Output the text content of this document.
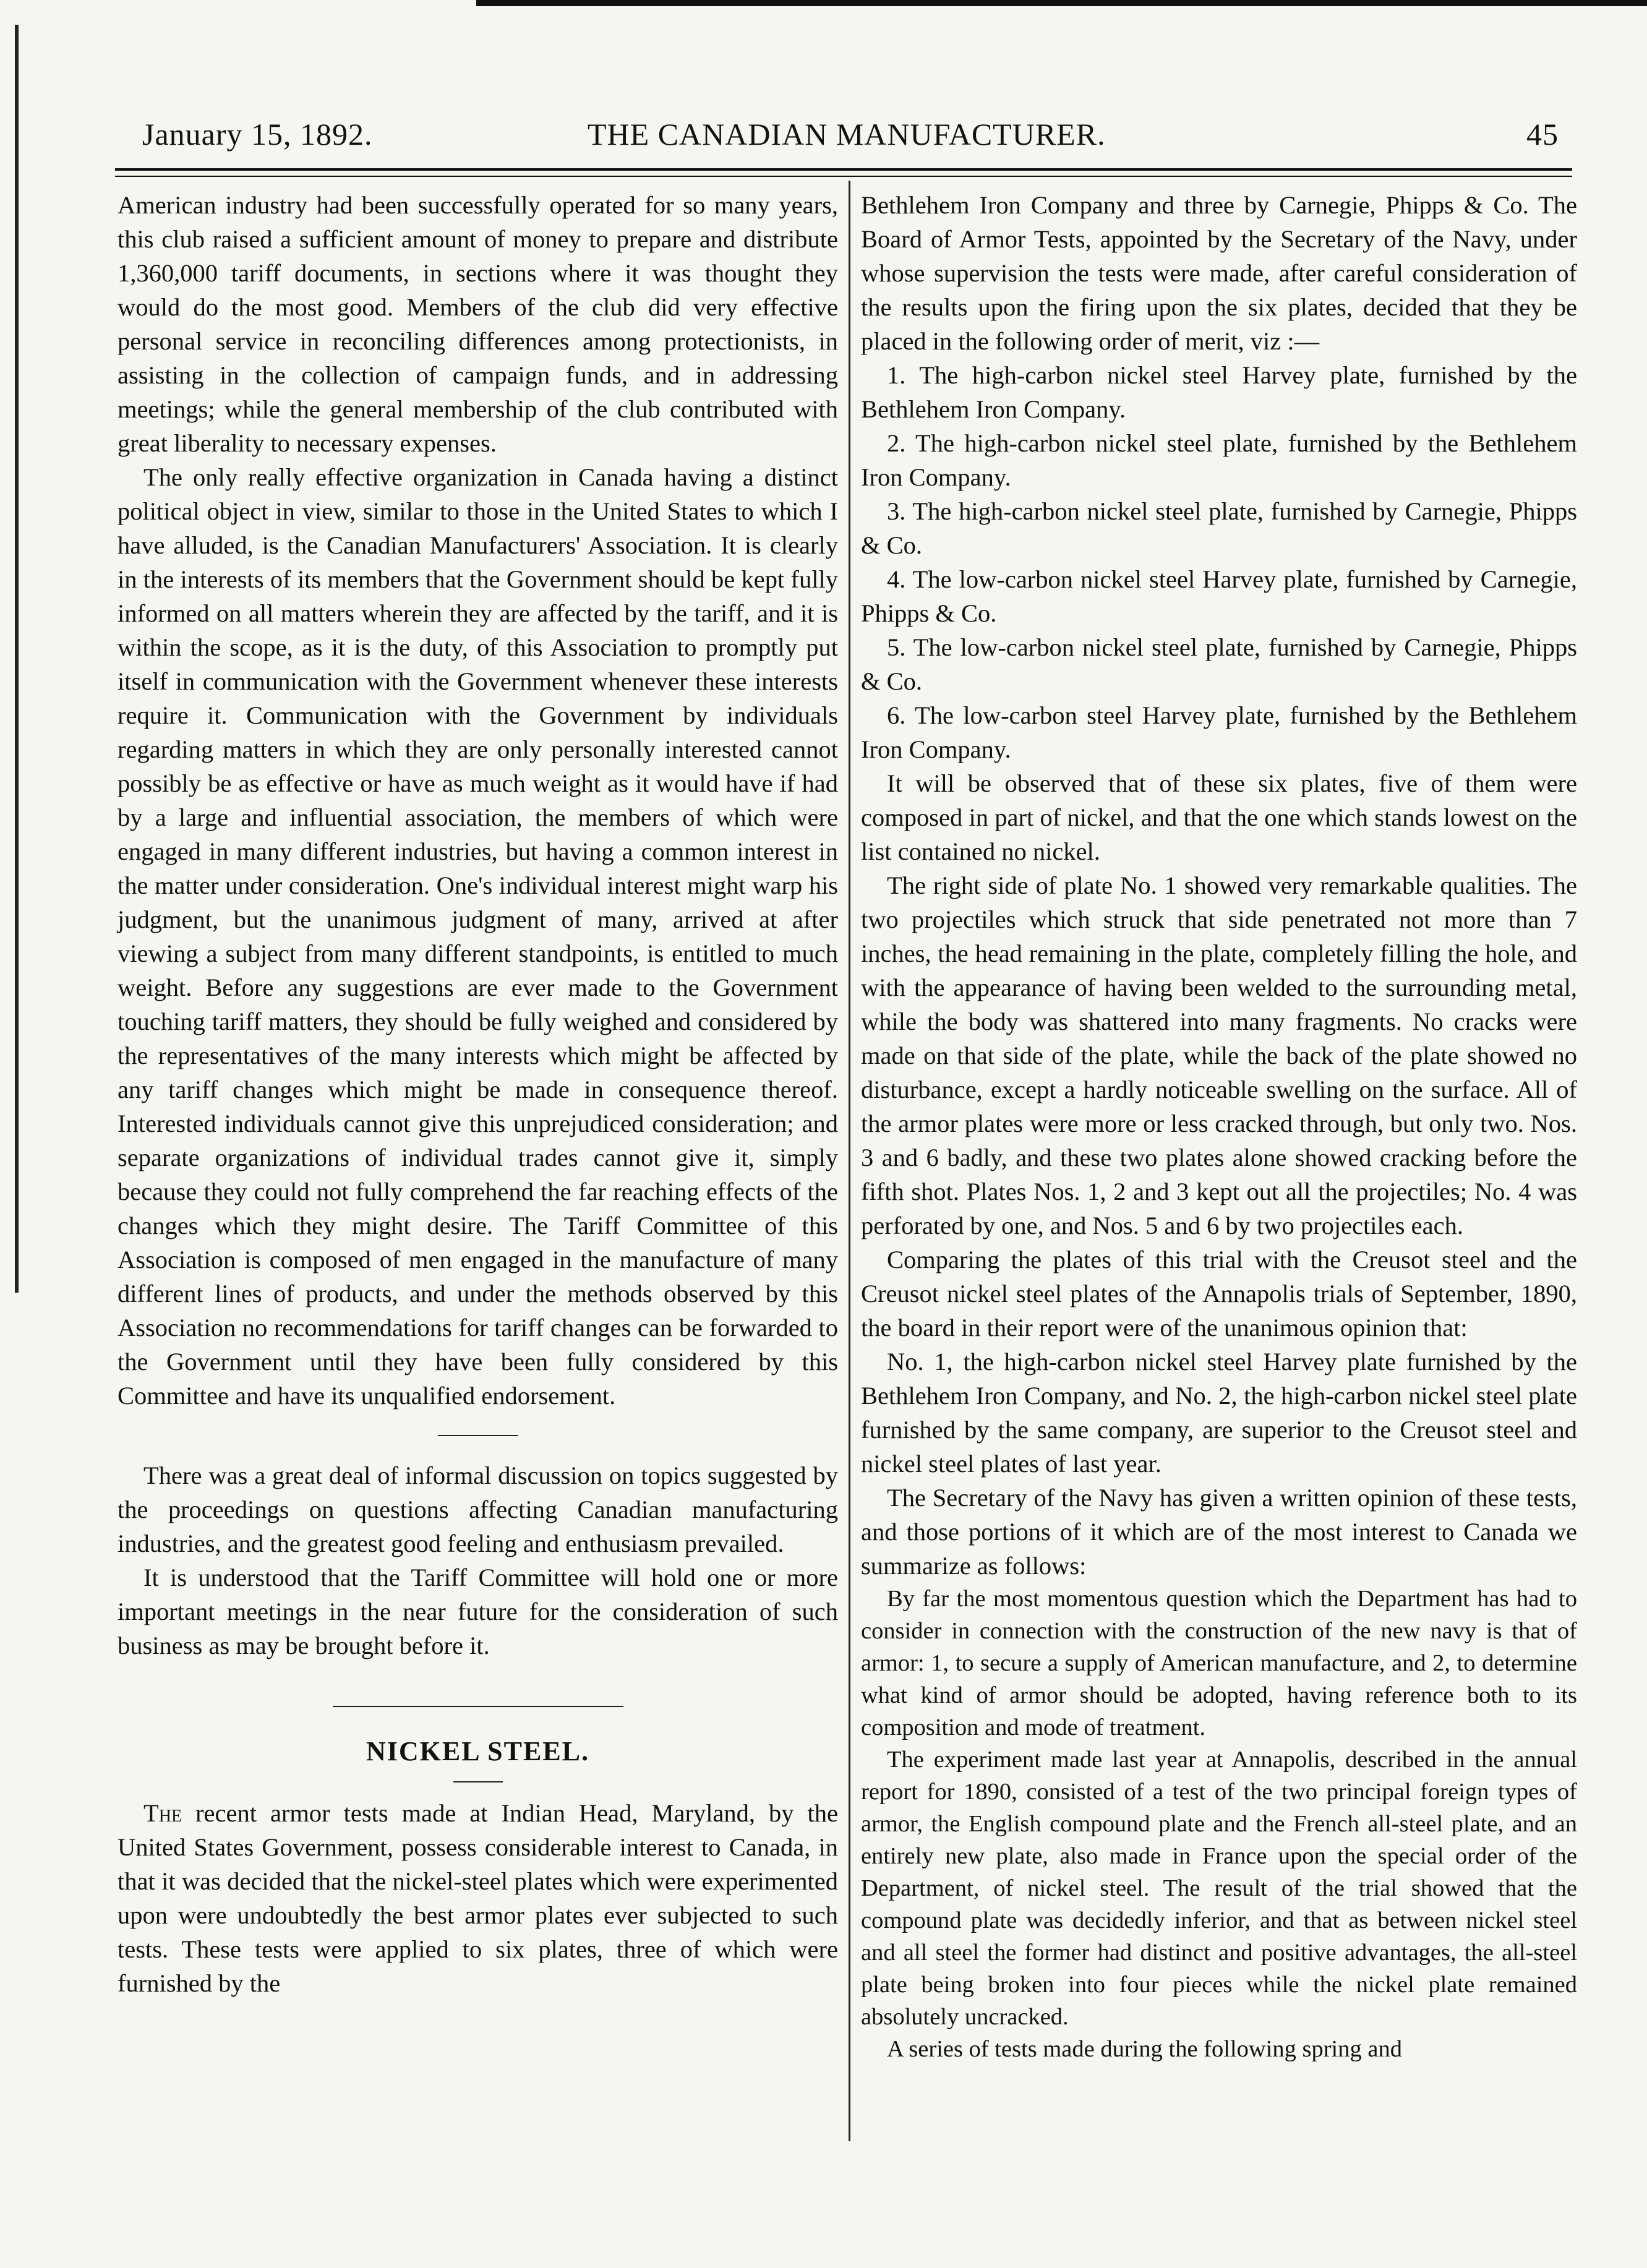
January 15, 1892.	THE CANADIAN MANUFACTURER.	45

American industry had been successfully operated for so many years, this club raised a sufficient amount of money to prepare and distribute 1,360,000 tariff documents, in sections where it was thought they would do the most good. Members of the club did very effective personal service in reconciling differences among protectionists, in assisting in the collection of campaign funds, and in addressing meetings; while the general membership of the club contributed with great liberality to necessary expenses.

The only really effective organization in Canada having a distinct political object in view, similar to those in the United States to which I have alluded, is the Canadian Manufacturers' Association. It is clearly in the interests of its members that the Government should be kept fully informed on all matters wherein they are affected by the tariff, and it is within the scope, as it is the duty, of this Association to promptly put itself in communication with the Government whenever these interests require it. Communication with the Government by individuals regarding matters in which they are only personally interested cannot possibly be as effective or have as much weight as it would have if had by a large and influential association, the members of which were engaged in many different industries, but having a common interest in the matter under consideration. One's individual interest might warp his judgment, but the unanimous judgment of many, arrived at after viewing a subject from many different standpoints, is entitled to much weight. Before any suggestions are ever made to the Government touching tariff matters, they should be fully weighed and considered by the representatives of the many interests which might be affected by any tariff changes which might be made in consequence thereof. Interested individuals cannot give this unprejudiced consideration; and separate organizations of individual trades cannot give it, simply because they could not fully comprehend the far reaching effects of the changes which they might desire. The Tariff Committee of this Association is composed of men engaged in the manufacture of many different lines of products, and under the methods observed by this Association no recommendations for tariff changes can be forwarded to the Government until they have been fully considered by this Committee and have its unqualified endorsement.

There was a great deal of informal discussion on topics suggested by the proceedings on questions affecting Canadian manufacturing industries, and the greatest good feeling and enthusiasm prevailed.

It is understood that the Tariff Committee will hold one or more important meetings in the near future for the consideration of such business as may be brought before it.

NICKEL STEEL.

The recent armor tests made at Indian Head, Maryland, by the United States Government, possess considerable interest to Canada, in that it was decided that the nickel-steel plates which were experimented upon were undoubtedly the best armor plates ever subjected to such tests. These tests were applied to six plates, three of which were furnished by the

Bethlehem Iron Company and three by Carnegie, Phipps & Co. The Board of Armor Tests, appointed by the Secretary of the Navy, under whose supervision the tests were made, after careful consideration of the results upon the firing upon the six plates, decided that they be placed in the following order of merit, viz :—

1. The high-carbon nickel steel Harvey plate, furnished by the Bethlehem Iron Company.

2. The high-carbon nickel steel plate, furnished by the Bethlehem Iron Company.

3. The high-carbon nickel steel plate, furnished by Carnegie, Phipps & Co.

4. The low-carbon nickel steel Harvey plate, furnished by Carnegie, Phipps & Co.

5. The low-carbon nickel steel plate, furnished by Carnegie, Phipps & Co.

6. The low-carbon steel Harvey plate, furnished by the Bethlehem Iron Company.

It will be observed that of these six plates, five of them were composed in part of nickel, and that the one which stands lowest on the list contained no nickel.

The right side of plate No. 1 showed very remarkable qualities. The two projectiles which struck that side penetrated not more than 7 inches, the head remaining in the plate, completely filling the hole, and with the appearance of having been welded to the surrounding metal, while the body was shattered into many fragments. No cracks were made on that side of the plate, while the back of the plate showed no disturbance, except a hardly noticeable swelling on the surface. All of the armor plates were more or less cracked through, but only two. Nos. 3 and 6 badly, and these two plates alone showed cracking before the fifth shot. Plates Nos. 1, 2 and 3 kept out all the projectiles; No. 4 was perforated by one, and Nos. 5 and 6 by two projectiles each.

Comparing the plates of this trial with the Creusot steel and the Creusot nickel steel plates of the Annapolis trials of September, 1890, the board in their report were of the unanimous opinion that:

No. 1, the high-carbon nickel steel Harvey plate furnished by the Bethlehem Iron Company, and No. 2, the high-carbon nickel steel plate furnished by the same company, are superior to the Creusot steel and nickel steel plates of last year.

The Secretary of the Navy has given a written opinion of these tests, and those portions of it which are of the most interest to Canada we summarize as follows:

By far the most momentous question which the Department has had to consider in connection with the construction of the new navy is that of armor: 1, to secure a supply of American manufacture, and 2, to determine what kind of armor should be adopted, having reference both to its composition and mode of treatment.

The experiment made last year at Annapolis, described in the annual report for 1890, consisted of a test of the two principal foreign types of armor, the English compound plate and the French all-steel plate, and an entirely new plate, also made in France upon the special order of the Department, of nickel steel. The result of the trial showed that the compound plate was decidedly inferior, and that as between nickel steel and all steel the former had distinct and positive advantages, the all-steel plate being broken into four pieces while the nickel plate remained absolutely uncracked.

A series of tests made during the following spring and
